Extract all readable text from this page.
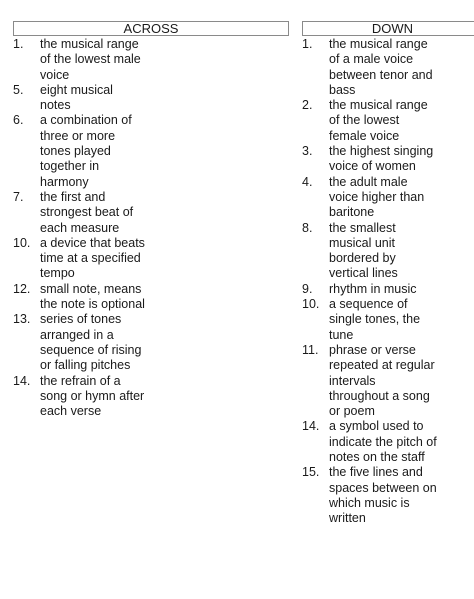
ACROSS
1. the musical range of the lowest male voice
5. eight musical notes
6. a combination of three or more tones played together in harmony
7. the first and strongest beat of each measure
10. a device that beats time at a specified tempo
12. small note, means the note is optional
13. series of tones arranged in a sequence of rising or falling pitches
14. the refrain of a song or hymn after each verse
DOWN
1. the musical range of a male voice between tenor and bass
2. the musical range of the lowest female voice
3. the highest singing voice of women
4. the adult male voice higher than baritone
8. the smallest musical unit bordered by vertical lines
9. rhythm in music
10. a sequence of single tones, the tune
11. phrase or verse repeated at regular intervals throughout a song or poem
14. a symbol used to indicate the pitch of notes on the staff
15. the five lines and spaces between on which music is written
